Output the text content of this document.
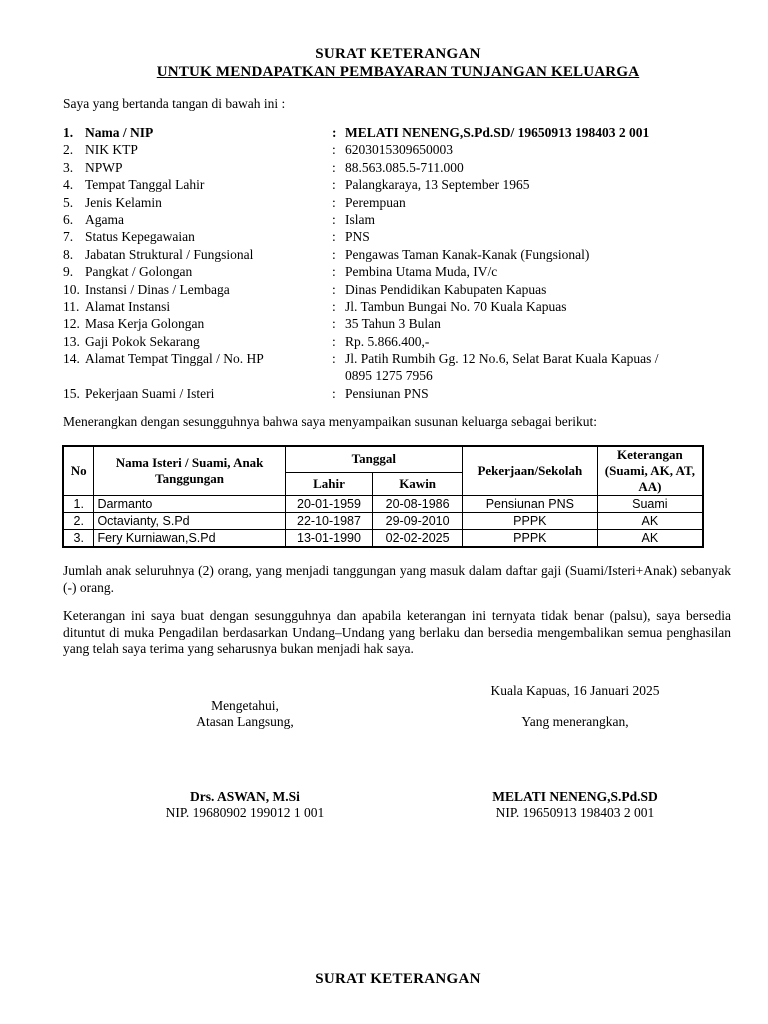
SURAT KETERANGAN
UNTUK MENDAPATKAN PEMBAYARAN TUNJANGAN KELUARGA
Saya yang bertanda tangan di bawah ini :
1. Nama / NIP	: MELATI NENENG,S.Pd.SD/ 19650913 198403 2 001
2. NIK KTP	: 6203015309650003
3. NPWP	: 88.563.085.5-711.000
4. Tempat Tanggal Lahir	: Palangkaraya, 13 September 1965
5. Jenis Kelamin	: Perempuan
6. Agama	: Islam
7. Status Kepegawaian	: PNS
8. Jabatan Struktural / Fungsional	: Pengawas Taman Kanak-Kanak (Fungsional)
9. Pangkat / Golongan	: Pembina Utama Muda, IV/c
10. Instansi / Dinas / Lembaga	: Dinas Pendidikan Kabupaten Kapuas
11. Alamat Instansi	: Jl. Tambun Bungai No. 70 Kuala Kapuas
12. Masa Kerja Golongan	: 35 Tahun 3 Bulan
13. Gaji Pokok Sekarang	: Rp. 5.866.400,-
14. Alamat Tempat Tinggal / No. HP	: Jl. Patih Rumbih Gg. 12 No.6, Selat Barat Kuala Kapuas /
0895 1275 7956
15. Pekerjaan Suami / Isteri	: Pensiunan PNS
Menerangkan dengan sesungguhnya bahwa saya menyampaikan susunan keluarga sebagai berikut:
No	Nama Isteri / Suami, Anak Tanggungan	Tanggal		Pekerjaan/Sekolah	Keterangan (Suami, AK, AT, AA)
		Lahir	Kawin		
1.	Darmanto	20-01-1959	20-08-1986	Pensiunan PNS	Suami
2.	Octavianty, S.Pd	22-10-1987	29-09-2010	PPPK	AK
3.	Fery Kurniawan,S.Pd	13-01-1990	02-02-2025	PPPK	AK
Jumlah anak seluruhnya (2) orang, yang menjadi tanggungan yang masuk dalam daftar gaji (Suami/Isteri+Anak) sebanyak (-) orang.
Keterangan ini saya buat dengan sesungguhnya dan apabila keterangan ini ternyata tidak benar (palsu), saya bersedia dituntut di muka Pengadilan berdasarkan Undang–Undang yang berlaku dan bersedia mengembalikan semua penghasilan yang telah saya terima yang seharusnya bukan menjadi hak saya.
Kuala Kapuas, 16 Januari 2025
Mengetahui,
Atasan Langsung,	Yang menerangkan,
Drs. ASWAN, M.Si
NIP. 19680902 199012 1 001
MELATI NENENG,S.Pd.SD
NIP. 19650913 198403 2 001
SURAT KETERANGAN
